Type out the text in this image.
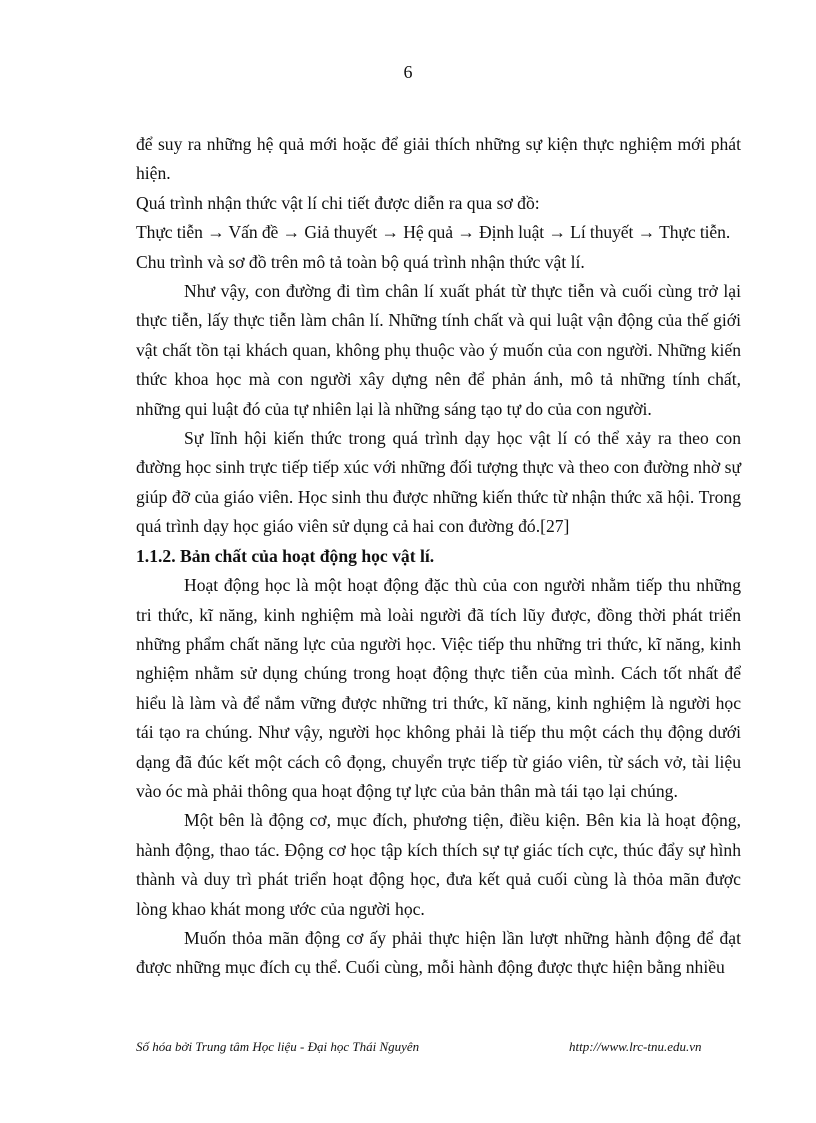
6

để suy ra những hệ quả mới hoặc để giải thích những sự kiện thực nghiệm mới phát hiện.

Quá trình nhận thức vật lí chi tiết được diễn ra qua sơ đồ:

Thực tiễn → Vấn đề → Giả thuyết → Hệ quả → Định luật → Lí thuyết → Thực tiễn.

Chu trình và sơ đồ trên mô tả toàn bộ quá trình nhận thức vật lí.

Như vậy, con đường đi tìm chân lí xuất phát từ thực tiễn và cuối cùng trở lại thực tiễn, lấy thực tiễn làm chân lí. Những tính chất và qui luật vận động của thế giới vật chất tồn tại khách quan, không phụ thuộc vào ý muốn của con người. Những kiến thức khoa học mà con người xây dựng nên để phản ánh, mô tả những tính chất, những qui luật đó của tự nhiên lại là những sáng tạo tự do của con người.

Sự lĩnh hội kiến thức trong quá trình dạy học vật lí có thể xảy ra theo con đường học sinh trực tiếp tiếp xúc với những đối tượng thực và theo con đường nhờ sự giúp đỡ của giáo viên. Học sinh thu được những kiến thức từ nhận thức xã hội. Trong quá trình dạy học giáo viên sử dụng cả hai con đường đó.[27]

1.1.2. Bản chất của hoạt động học vật lí.

Hoạt động học là một hoạt động đặc thù của con người nhằm tiếp thu những tri thức, kĩ năng, kinh nghiệm mà loài người đã tích lũy được, đồng thời phát triển những phẩm chất năng lực của người học. Việc tiếp thu những tri thức, kĩ năng, kinh nghiệm nhằm sử dụng chúng trong hoạt động thực tiễn của mình. Cách tốt nhất để hiểu là làm và để nắm vững được những tri thức, kĩ năng, kinh nghiệm là người học tái tạo ra chúng. Như vậy, người học không phải là tiếp thu một cách thụ động dưới dạng đã đúc kết một cách cô đọng, chuyển trực tiếp từ giáo viên, từ sách vở, tài liệu vào óc mà phải thông qua hoạt động tự lực của bản thân mà tái tạo lại chúng.

Một bên là động cơ, mục đích, phương tiện, điều kiện. Bên kia là hoạt động, hành động, thao tác. Động cơ học tập kích thích sự tự giác tích cực, thúc đẩy sự hình thành và duy trì phát triển hoạt động học, đưa kết quả cuối cùng là thỏa mãn được lòng khao khát mong ước của người học.

Muốn thỏa mãn động cơ ấy phải thực hiện lần lượt những hành động để đạt được những mục đích cụ thể. Cuối cùng, mỗi hành động được thực hiện bằng nhiều

Số hóa bởi Trung tâm Học liệu - Đại học Thái Nguyên	http://www.lrc-tnu.edu.vn
